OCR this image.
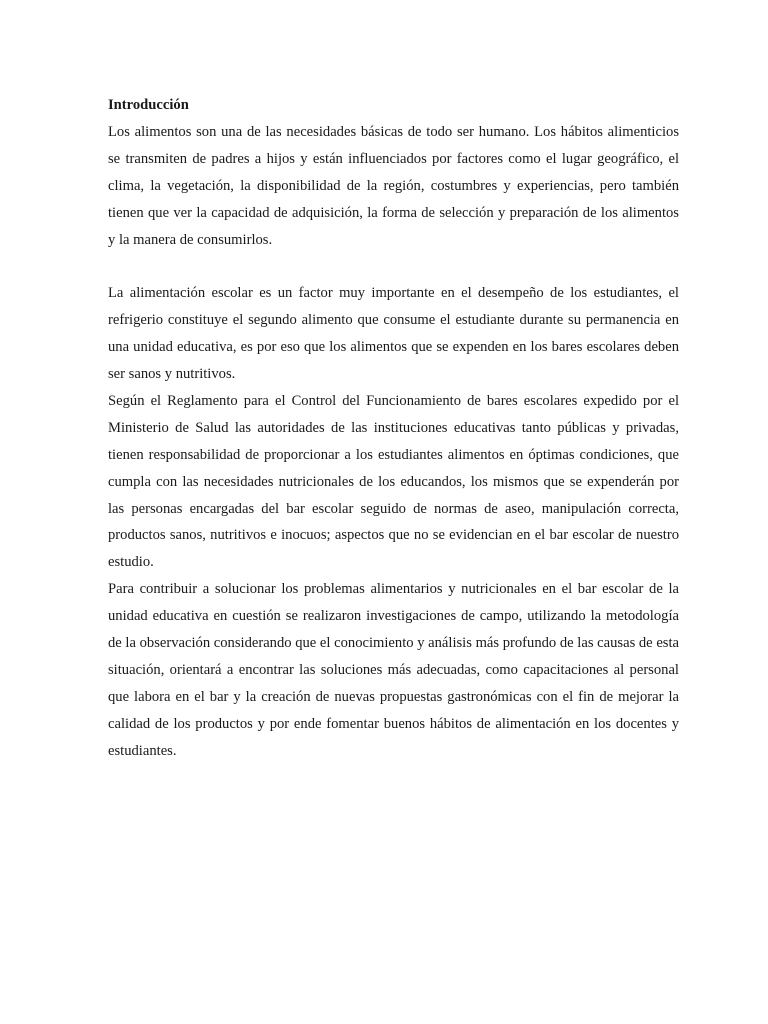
Introducción

Los alimentos son una de las necesidades básicas de todo ser humano. Los hábitos alimenticios se transmiten de padres a hijos y están influenciados por factores como el lugar geográfico, el clima, la vegetación, la disponibilidad de la región, costumbres y experiencias, pero también tienen que ver la capacidad de adquisición, la forma de selección y preparación de los alimentos y la manera de consumirlos.

La alimentación escolar es un factor muy importante en el desempeño de los estudiantes, el refrigerio constituye el segundo alimento que consume el estudiante durante su permanencia en una unidad educativa, es por eso que los alimentos que se expenden en los bares escolares deben ser sanos y nutritivos.

Según el Reglamento para el Control del Funcionamiento de bares escolares expedido por el Ministerio de Salud las autoridades de las instituciones educativas tanto públicas y privadas, tienen responsabilidad de proporcionar a los estudiantes alimentos en óptimas condiciones, que cumpla con las necesidades nutricionales de los educandos, los mismos que se expenderán por las personas encargadas del bar escolar seguido de normas de aseo, manipulación correcta, productos sanos, nutritivos e inocuos; aspectos que no se evidencian en el bar escolar de nuestro estudio.

Para contribuir a solucionar los problemas alimentarios y nutricionales en el bar escolar de la unidad educativa en cuestión se realizaron investigaciones de campo, utilizando la metodología de la observación considerando que el conocimiento y análisis más profundo de las causas de esta situación, orientará a encontrar las soluciones más adecuadas, como capacitaciones al personal que labora en el bar y la creación de nuevas propuestas gastronómicas con el fin de mejorar la calidad de los productos y por ende fomentar buenos hábitos de alimentación en los docentes y estudiantes.
